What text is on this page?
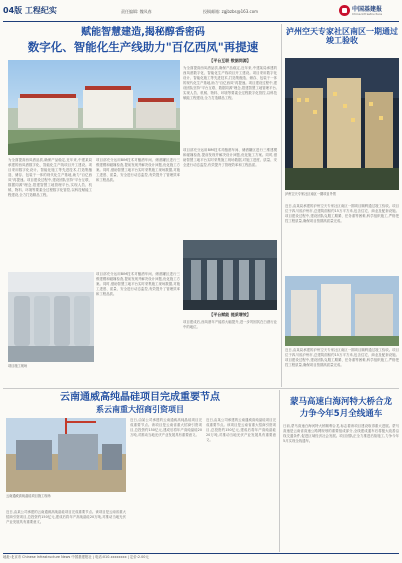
04版 工程纪实	责任编辑: 魏凤春	投稿邮箱: zgjbzbs@163.com	中国基建报
China Infrastructure
赋能智慧建造,揭秘醇香密码
数字化、智能化生产线助力"百亿西凤"再提速
为全面提高西凤酒品质,确保产品稳定,近年来,中建某局承建的西凤酒数字化、智能化生产线项目开工建设。项目采用数字化设计、智能化施工等先进技术,打造集酿造、储存、包装于一体的现代化生产基地,助力"百亿西凤"再提速。项目建设过程中,建设团队坚持"平台互联、数据同源"理念,搭建智慧工地管理平台,实现人员、机械、物料、环境等要素全过程数字化管控,以科技赋能工程建设,全力打造精品工程。
项目部充分运用BIM技术对酿酒车间、储酒罐区进行三维建模和碰撞检查,提前发现并解决设计问题,优化施工方案。同时,借助智慧工地平台实时采集施工现场数据,对施工进度、质量、安全进行动态监控,有效提升了管理效率和工程品质。
项目施工现场
【平台互联 数据同源】
为全面提高西凤酒品质,确保产品稳定,近年来,中建某局承建的西凤酒数字化、智能化生产线项目开工建设。项目采用数字化设计、智能化施工等先进技术,打造集酿造、储存、包装于一体的现代化生产基地,助力"百亿西凤"再提速。项目建设过程中,建设团队坚持"平台互联、数据同源"理念,搭建智慧工地管理平台,实现人员、机械、物料、环境等要素全过程数字化管控,以科技赋能工程建设,全力打造精品工程。
项目部充分运用BIM技术对酿酒车间、储酒罐区进行三维建模和碰撞检查,提前发现并解决设计问题,优化施工方案。同时,借助智慧工地平台实时采集施工现场数据,对施工进度、质量、安全进行动态监控,有效提升了管理效率和工程品质。
【平台赋能 提质增效】
项目建成后,西凤酒年产能将大幅提升,进一步巩固其在白酒行业中的地位。
项目部充分运用BIM技术对酿酒车间、储酒罐区进行三维建模和碰撞检查,提前发现并解决设计问题,优化施工方案。同时,借助智慧工地平台实时采集施工现场数据,对施工进度、质量、安全进行动态监控,有效提升了管理效率和工程品质。
泸州空天专家社区南区一期通过竣工验收
泸州空天专家社区南区一期项目外景
近日,由某局承建的泸州空天专家社区南区一期项目顺利通过竣工验收。项目位于四川省泸州市,总建筑面积约15万平方米,包含住宅、商业及配套设施。项目建设过程中,建设团队克服工期紧、任务重等困难,科学组织施工,严格把控工程质量,确保项目按期高质量完成。
近日,由某局承建的泸州空天专家社区南区一期项目顺利通过竣工验收。项目位于四川省泸州市,总建筑面积约15万平方米,包含住宅、商业及配套设施。项目建设过程中,建设团队克服工期紧、任务重等困难,科学组织施工,严格把控工程质量,确保项目按期高质量完成。
云南通威高纯晶硅项目完成重要节点
系云南重大招商引资项目
云南通威高纯晶硅项目施工现场
近日,由某公司承建的云南通威高纯晶硅项目完成重要节点。该项目是云南省重大招商引资项目,总投资约150亿元,建成后将年产高纯晶硅20万吨,对推动当地光伏产业发展具有重要意义。
近日,由某公司承建的云南通威高纯晶硅项目完成重要节点。该项目是云南省重大招商引资项目,总投资约150亿元,建成后将年产高纯晶硅20万吨,对推动当地光伏产业发展具有重要意义。
近日,由某公司承建的云南通威高纯晶硅项目完成重要节点。该项目是云南省重大招商引资项目,总投资约150亿元,建成后将年产高纯晶硅20万吨,对推动当地光伏产业发展具有重要意义。
蒙马高速白海河特大桥合龙
力争今年5月全线通车
日前,蒙马高速白海河特大桥顺利合龙,标志着该项目建设取得重大进展。蒙马高速是云南省高速公路网规划的重要组成部分,全线建成通车后将极大改善沿线交通条件,促进区域经济社会发展。项目团队正全力推进后续施工,力争今年5月实现全线通车。
地址:北京市 Chinese Infrastructure News 中国基建报社 | 电话:010-xxxxxxxx | 定价:2.00元
